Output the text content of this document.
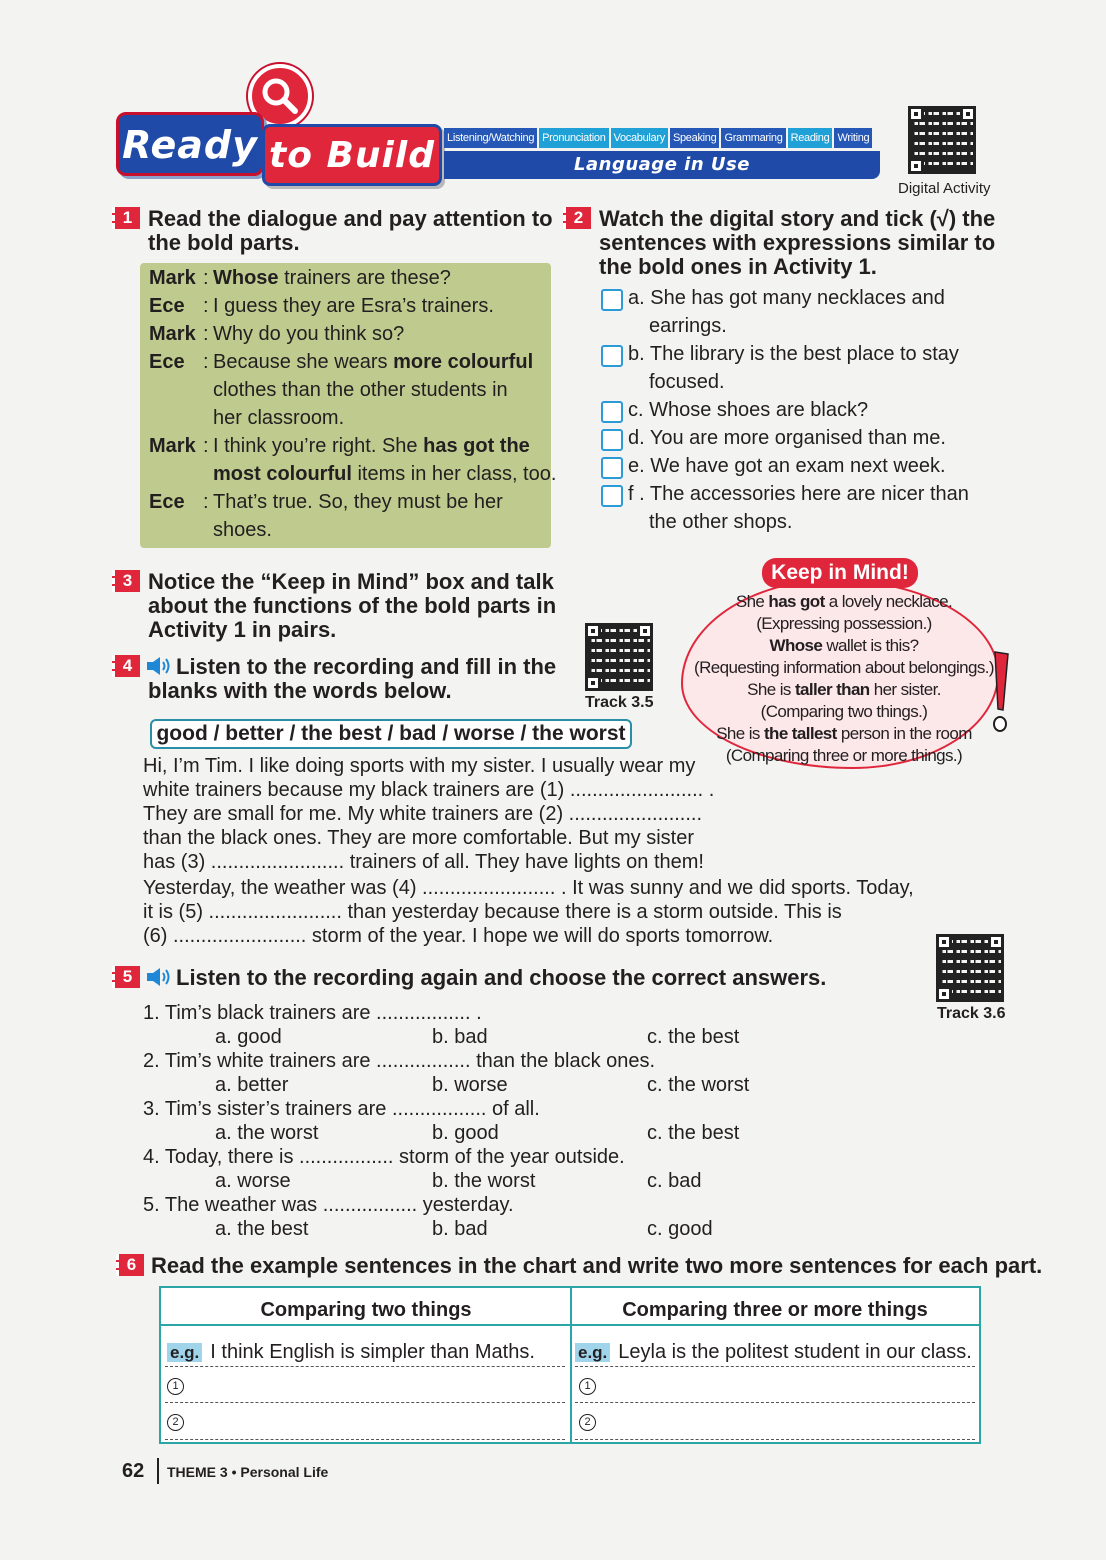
Ready to Build	Listening/Watching Pronunciation Vocabulary Speaking Grammaring Reading Writing
Language in Use
Digital Activity
1 Read the dialogue and pay attention to
the bold parts.
Mark : Whose trainers are these?
Ece : I guess they are Esra’s trainers.
Mark : Why do you think so?
Ece : Because she wears more colourful
clothes than the other students in
her classroom.
Mark : I think you’re right. She has got the
most colourful items in her class, too.
Ece : That’s true. So, they must be her
shoes.
2 Watch the digital story and tick (√) the
sentences with expressions similar to
the bold ones in Activity 1.
a. She has got many necklaces and
earrings.
b. The library is the best place to stay
focused.
c. Whose shoes are black?
d. You are more organised than me.
e. We have got an exam next week.
f . The accessories here are nicer than
the other shops.
3 Notice the “Keep in Mind” box and talk
about the functions of the bold parts in
Activity 1 in pairs.
4	Listen to the recording and fill in the
blanks with the words below.	Track 3.5
good / better / the best / bad / worse / the worst
Hi, I’m Tim. I like doing sports with my sister. I usually wear my
white trainers because my black trainers are (1) ........................ .
They are small for me. My white trainers are (2) ........................
than the black ones. They are more comfortable. But my sister
has (3) ........................ trainers of all. They have lights on them!
Yesterday, the weather was (4) ........................ . It was sunny and we did sports. Today,
it is (5) ........................ than yesterday because there is a storm outside. This is
(6) ........................ storm of the year. I hope we will do sports tomorrow.
Keep in Mind!
She has got a lovely necklace.
(Expressing possession.)
Whose wallet is this?
(Requesting information about belongings.)
She is taller than her sister.
(Comparing two things.)
She is the tallest person in the room
(Comparing three or more things.)
5	Listen to the recording again and choose the correct answers.
Track 3.6
1. Tim’s black trainers are ................. .
a. good	b. bad	c. the best
2. Tim’s white trainers are ................. than the black ones.
a. better	b. worse	c. the worst
3. Tim’s sister’s trainers are ................. of all.
a. the worst	b. good	c. the best
4. Today, there is ................. storm of the year outside.
a. worse	b. the worst	c. bad
5. The weather was ................. yesterday.
a. the best	b. bad	c. good
6 Read the example sentences in the chart and write two more sentences for each part.
Comparing two things	Comparing three or more things
e.g. I think English is simpler than Maths.	e.g. Leyla is the politest student in our class.
1	1
2	2
62 THEME 3 • Personal Life
